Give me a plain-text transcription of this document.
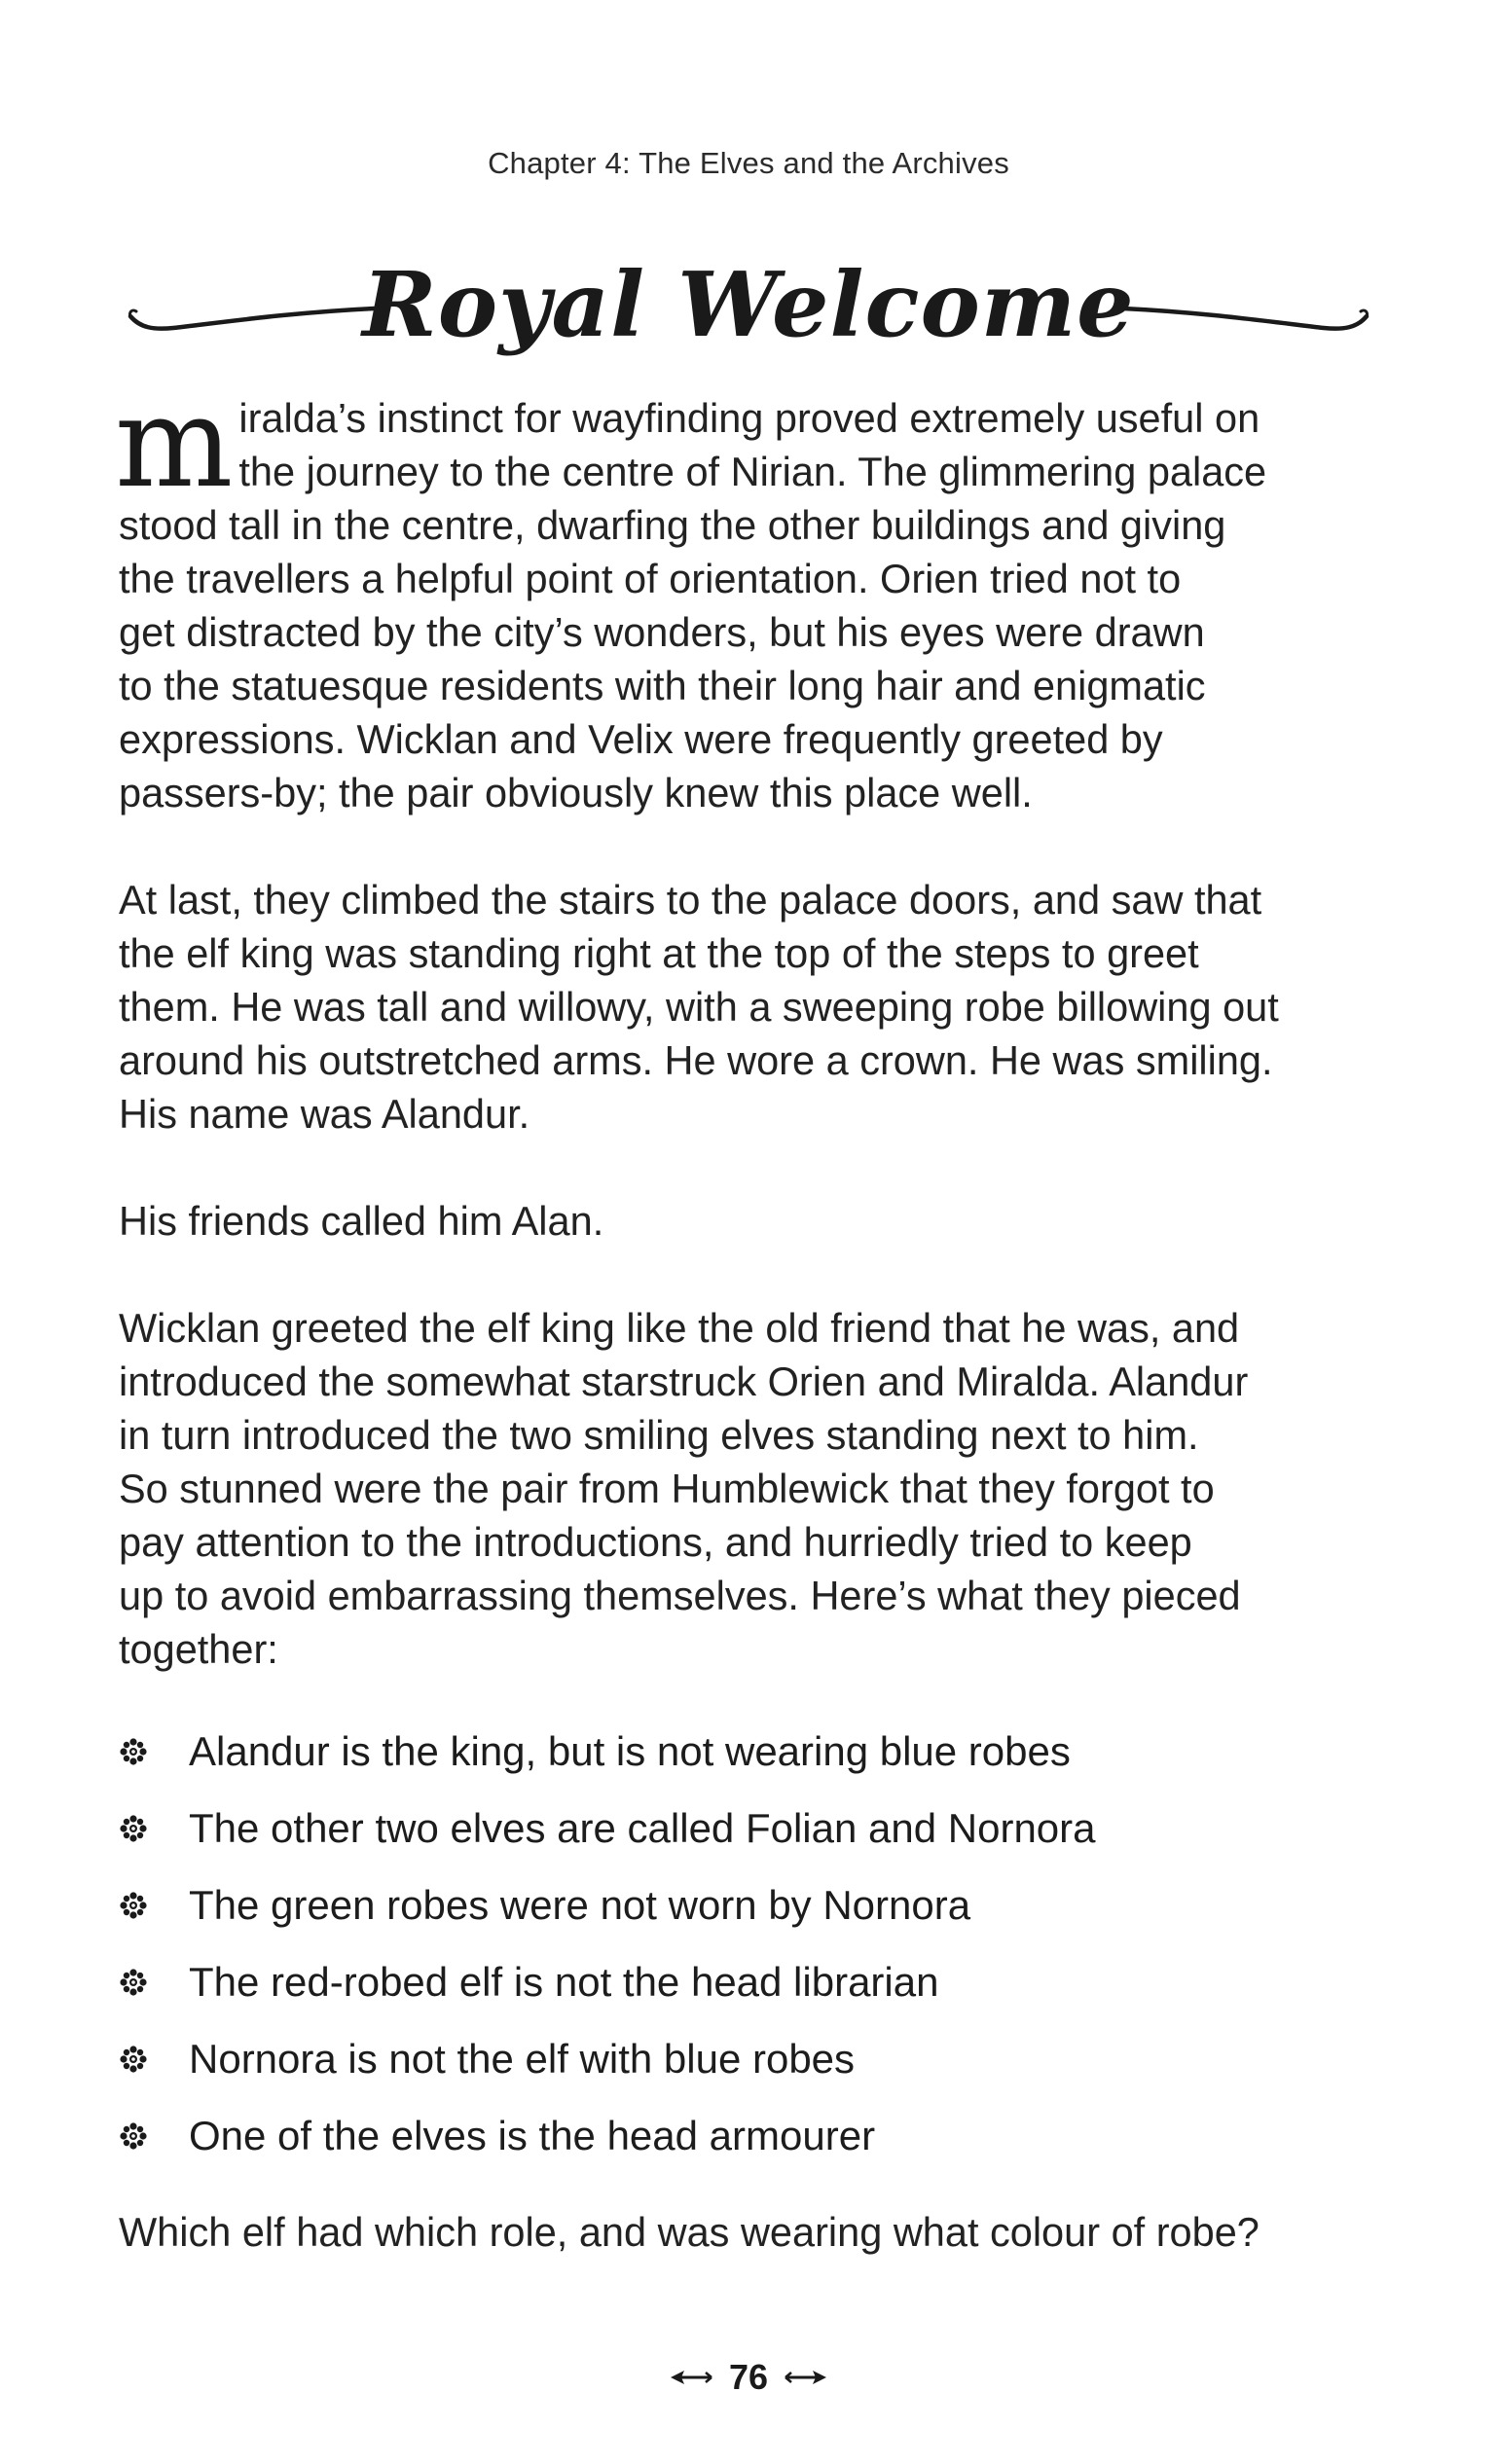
Chapter 4: The Elves and the Archives
Royal Welcome

miralda’s instinct for wayfinding proved extremely useful on
the journey to the centre of Nirian. The glimmering palace
stood tall in the centre, dwarfing the other buildings and giving
the travellers a helpful point of orientation. Orien tried not to
get distracted by the city’s wonders, but his eyes were drawn
to the statuesque residents with their long hair and enigmatic
expressions. Wicklan and Velix were frequently greeted by
passers-by; the pair obviously knew this place well.

At last, they climbed the stairs to the palace doors, and saw that
the elf king was standing right at the top of the steps to greet
them. He was tall and willowy, with a sweeping robe billowing out
around his outstretched arms. He wore a crown. He was smiling.
His name was Alandur.

His friends called him Alan.

Wicklan greeted the elf king like the old friend that he was, and
introduced the somewhat starstruck Orien and Miralda. Alandur
in turn introduced the two smiling elves standing next to him.
So stunned were the pair from Humblewick that they forgot to
pay attention to the introductions, and hurriedly tried to keep
up to avoid embarrassing themselves. Here’s what they pieced
together:

Alandur is the king, but is not wearing blue robes
The other two elves are called Folian and Nornora
The green robes were not worn by Nornora
The red-robed elf is not the head librarian
Nornora is not the elf with blue robes
One of the elves is the head armourer

Which elf had which role, and was wearing what colour of robe?

76
